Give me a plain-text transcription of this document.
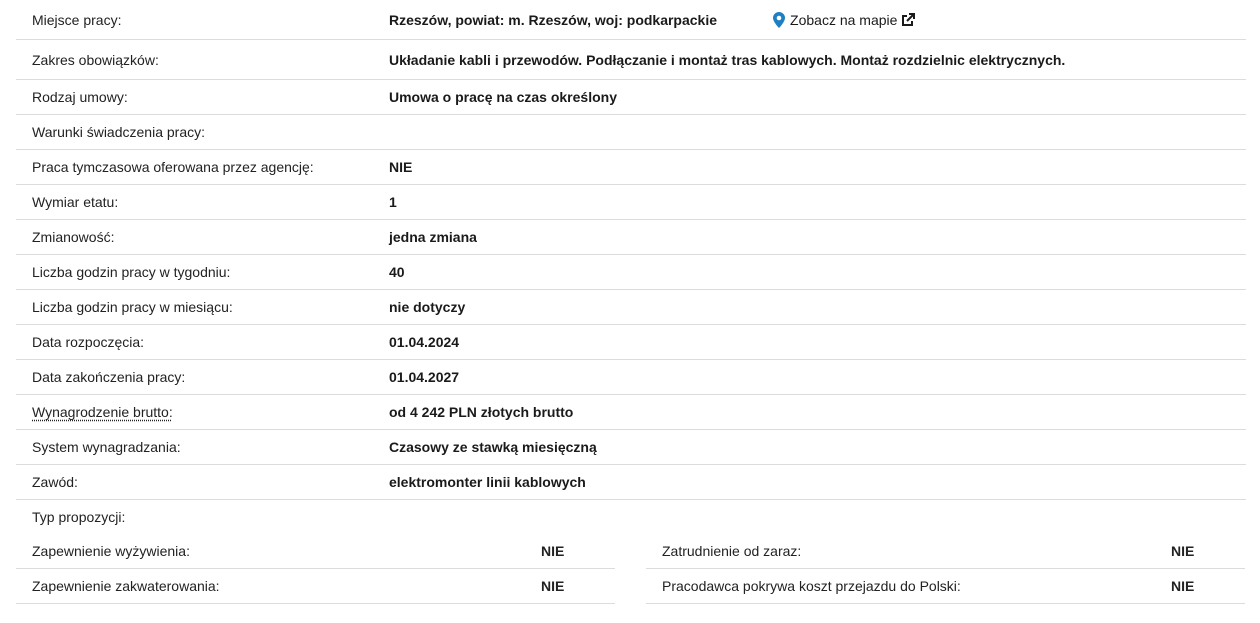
Miejsce pracy:	Rzeszów, powiat: m. Rzeszów, woj: podkarpackie	Zobacz na mapie
Zakres obowiązków:	Układanie kabli i przewodów. Podłączanie i montaż tras kablowych. Montaż rozdzielnic elektrycznych.
Rodzaj umowy:	Umowa o pracę na czas określony
Warunki świadczenia pracy:
Praca tymczasowa oferowana przez agencję:	NIE
Wymiar etatu:	1
Zmianowość:	jedna zmiana
Liczba godzin pracy w tygodniu:	40
Liczba godzin pracy w miesiącu:	nie dotyczy
Data rozpoczęcia:	01.04.2024
Data zakończenia pracy:	01.04.2027
Wynagrodzenie brutto:	od 4 242 PLN złotych brutto
System wynagradzania:	Czasowy ze stawką miesięczną
Zawód:	elektromonter linii kablowych
Typ propozycji:
Zapewnienie wyżywienia:	NIE
Zapewnienie zakwaterowania:	NIE
Zatrudnienie od zaraz:	NIE
Pracodawca pokrywa koszt przejazdu do Polski:	NIE
